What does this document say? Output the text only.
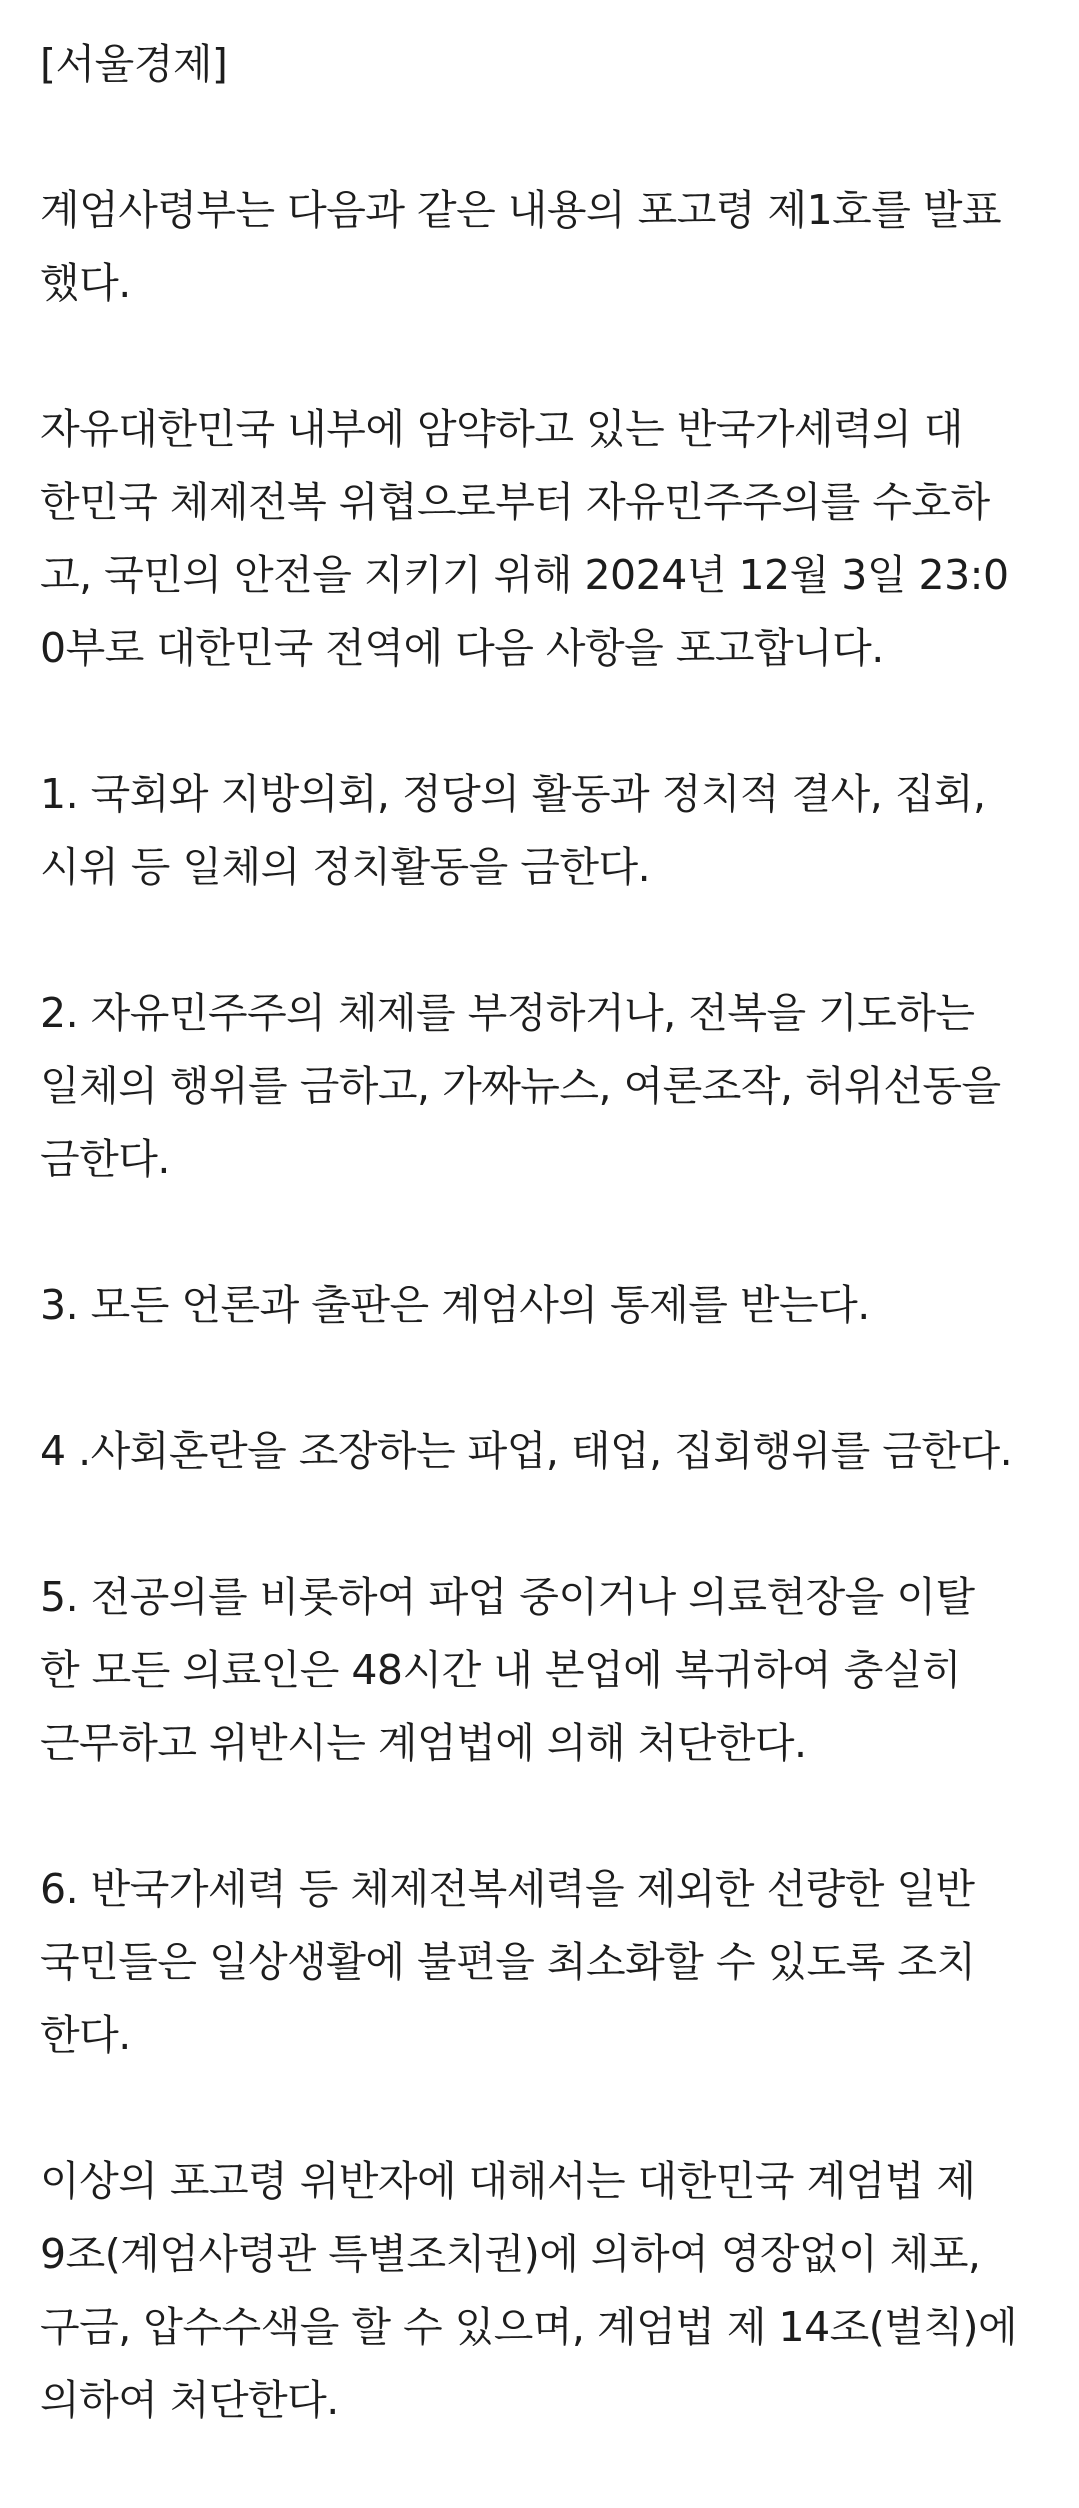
[서울경제]
계엄사령부는 다음과 같은 내용의 포고령 제1호를 발표
했다.
자유대한민국 내부에 암약하고 있는 반국가세력의 대
한민국 체제전복 위협으로부터 자유민주주의를 수호하
고, 국민의 안전을 지키기 위해 2024년 12월 3일 23:0
0부로 대한민국 전역에 다음 사항을 포고합니다.
1. 국회와 지방의회, 정당의 활동과 정치적 결사, 집회,
시위 등 일체의 정치활동을 금한다.
2. 자유민주주의 체제를 부정하거나, 전복을 기도하는
일체의 행위를 금하고, 가짜뉴스, 여론조작, 허위선동을
금한다.
3. 모든 언론과 출판은 계엄사의 통제를 받는다.
4 .사회혼란을 조장하는 파업, 태업, 집회행위를 금한다.
5. 전공의를 비롯하여 파업 중이거나 의료현장을 이탈
한 모든 의료인은 48시간 내 본업에 복귀하여 충실히
근무하고 위반시는 계엄법에 의해 처단한다.
6. 반국가세력 등 체제전복세력을 제외한 선량한 일반
국민들은 일상생활에 불편을 최소화할 수 있도록 조치
한다.
이상의 포고령 위반자에 대해서는 대한민국 계엄법 제
9조(계엄사령관 특별조치권)에 의하여 영장없이 체포,
구금, 압수수색을 할 수 있으며, 계엄법 제 14조(벌칙)에
의하여 처단한다.
